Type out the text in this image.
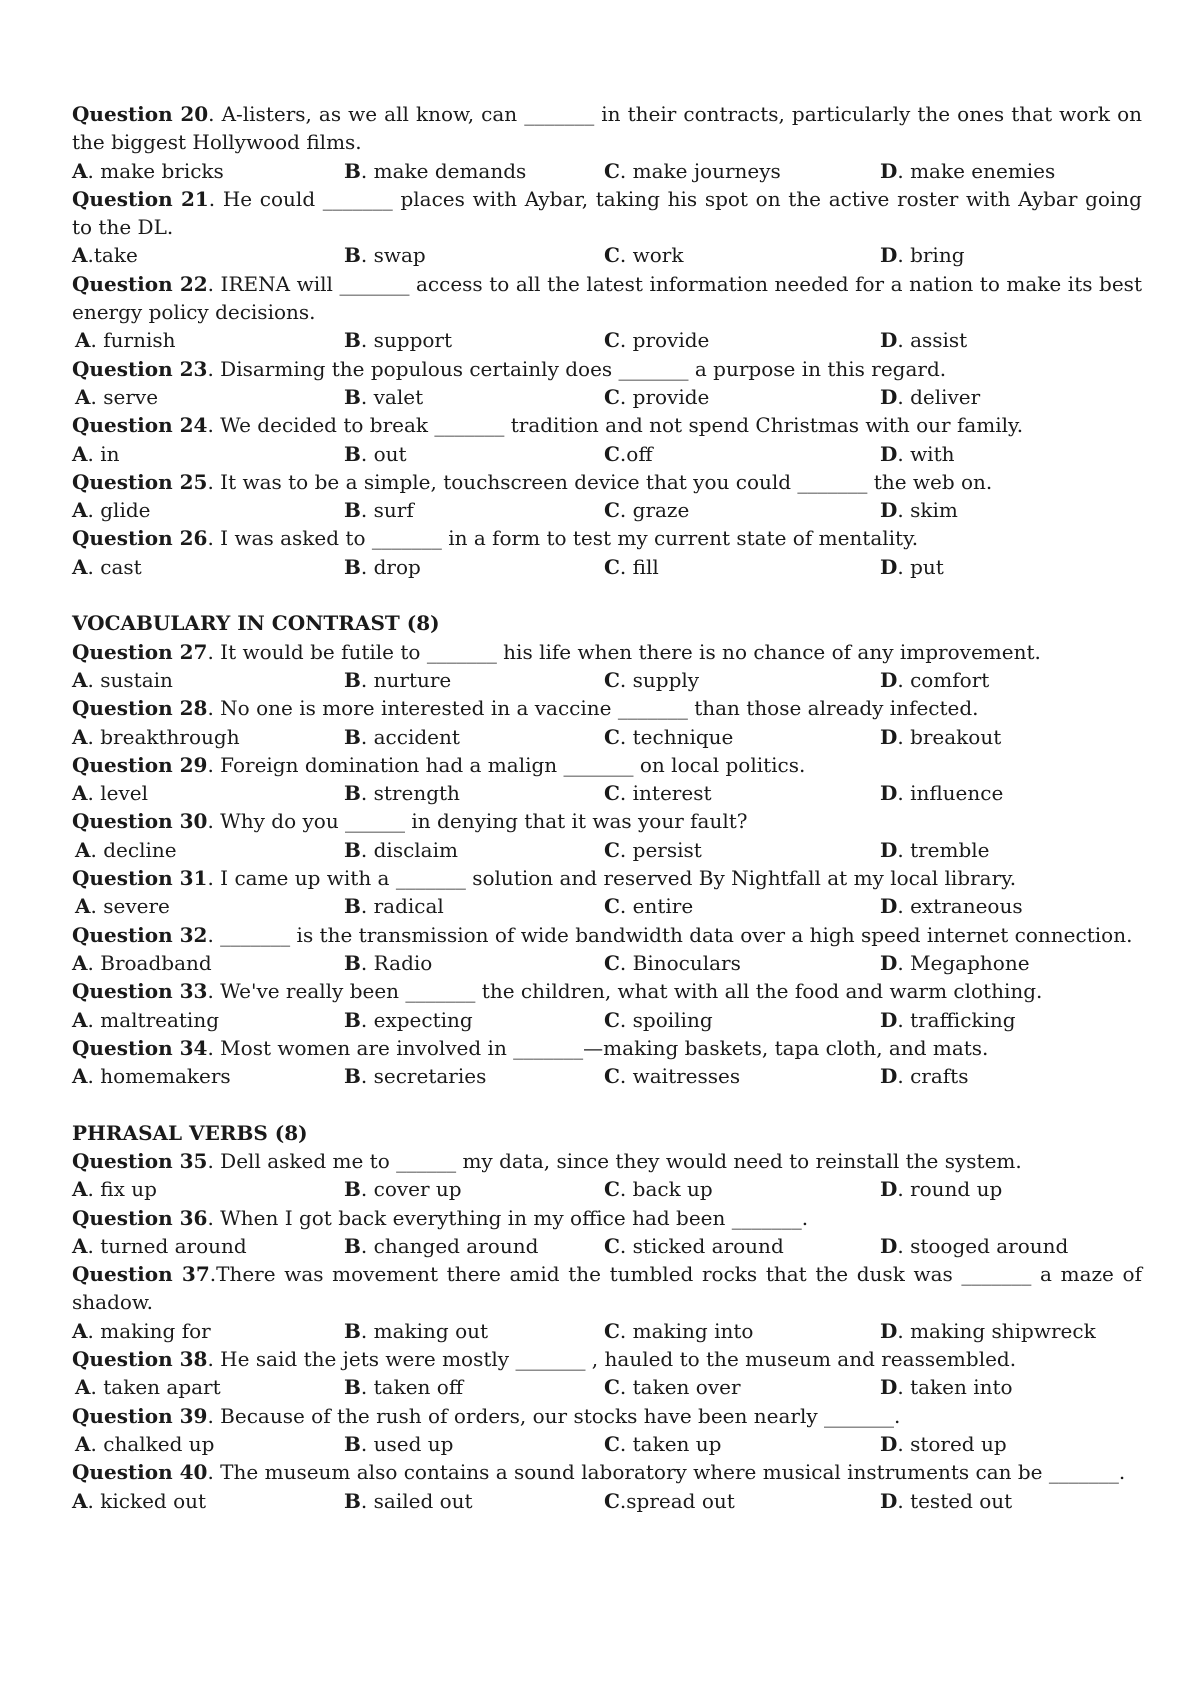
Question 20. A-listers, as we all know, can _______ in their contracts, particularly the ones that work on the biggest Hollywood films.
A. make bricks	B. make demands	C. make journeys	D. make enemies
Question 21. He could _______ places with Aybar, taking his spot on the active roster with Aybar going to the DL.
A.take	B. swap	C. work	D. bring
Question 22. IRENA will _______ access to all the latest information needed for a nation to make its best energy policy decisions.
A. furnish	B. support	C. provide	D. assist
Question 23. Disarming the populous certainly does _______ a purpose in this regard.
A. serve	B. valet	C. provide	D. deliver
Question 24. We decided to break _______ tradition and not spend Christmas with our family.
A. in	B. out	C.off	D. with
Question 25. It was to be a simple, touchscreen device that you could _______ the web on.
A. glide	B. surf	C. graze	D. skim
Question 26. I was asked to _______ in a form to test my current state of mentality.
A. cast	B. drop	C. fill	D. put
VOCABULARY IN CONTRAST (8)
Question 27. It would be futile to _______ his life when there is no chance of any improvement.
A. sustain	B. nurture	C. supply	D. comfort
Question 28. No one is more interested in a vaccine _______ than those already infected.
A. breakthrough	B. accident	C. technique	D. breakout
Question 29. Foreign domination had a malign _______ on local politics.
A. level	B. strength	C. interest	D. influence
Question 30. Why do you ______ in denying that it was your fault?
A. decline	B. disclaim	C. persist	D. tremble
Question 31. I came up with a _______ solution and reserved By Nightfall at my local library.
A. severe	B. radical	C. entire	D. extraneous
Question 32. _______ is the transmission of wide bandwidth data over a high speed internet connection.
A. Broadband	B. Radio	C. Binoculars	D. Megaphone
Question 33. We've really been _______ the children, what with all the food and warm clothing.
A. maltreating	B. expecting	C. spoiling	D. trafficking
Question 34. Most women are involved in _______—making baskets, tapa cloth, and mats.
A. homemakers	B. secretaries	C. waitresses	D. crafts
PHRASAL VERBS (8)
Question 35. Dell asked me to ______ my data, since they would need to reinstall the system.
A. fix up	B. cover up	C. back up	D. round up
Question 36. When I got back everything in my office had been _______.
A. turned around	B. changed around	C. sticked around	D. stooged around
Question 37.There was movement there amid the tumbled rocks that the dusk was _______ a maze of shadow.
A. making for	B. making out	C. making into	D. making shipwreck
Question 38. He said the jets were mostly _______ , hauled to the museum and reassembled.
A. taken apart	B. taken off	C. taken over	D. taken into
Question 39. Because of the rush of orders, our stocks have been nearly _______.
A. chalked up	B. used up	C. taken up	D. stored up
Question 40. The museum also contains a sound laboratory where musical instruments can be _______.
A. kicked out	B. sailed out	C.spread out	D. tested out
